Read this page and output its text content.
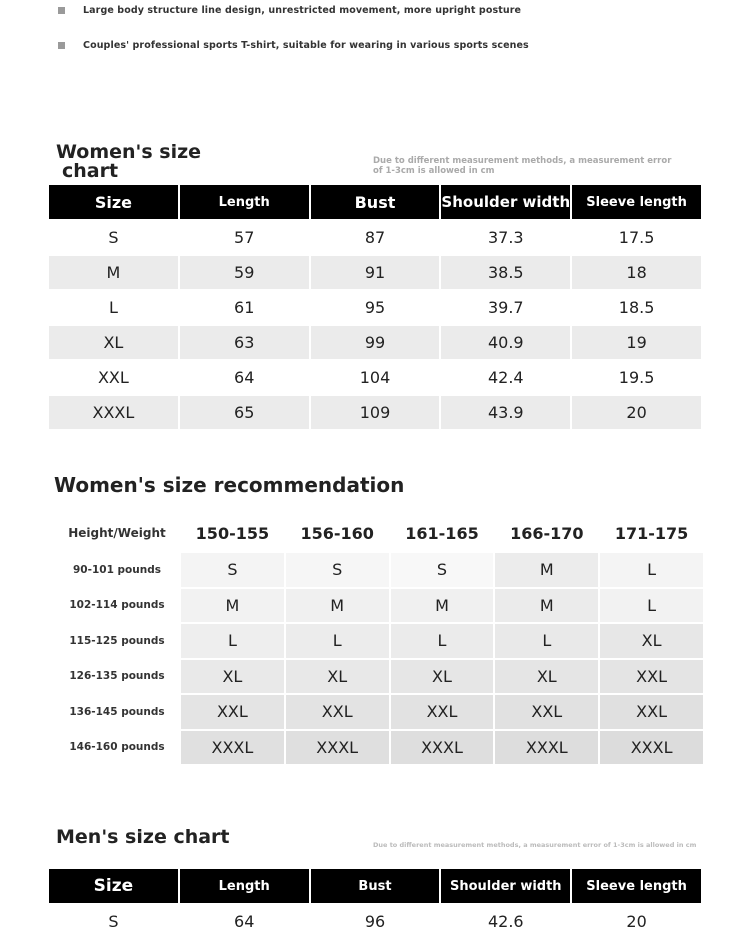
Large body structure line design, unrestricted movement, more upright posture
Couples' professional sports T-shirt, suitable for wearing in various sports scenes
Women's size
chart	Due to different measurement methods, a measurement error of 1-3cm is allowed in cm
Size	Length	Bust	Shoulder width	Sleeve length
S	57	87	37.3	17.5
M	59	91	38.5	18
L	61	95	39.7	18.5
XL	63	99	40.9	19
XXL	64	104	42.4	19.5
XXXL	65	109	43.9	20
Women's size recommendation
Height/Weight	150-155	156-160	161-165	166-170	171-175
90-101 pounds	S	S	S	M	L
102-114 pounds	M	M	M	M	L
115-125 pounds	L	L	L	L	XL
126-135 pounds	XL	XL	XL	XL	XXL
136-145 pounds	XXL	XXL	XXL	XXL	XXL
146-160 pounds	XXXL	XXXL	XXXL	XXXL	XXXL
Men's size chart	Due to different measurement methods, a measurement error of 1-3cm is allowed in cm
Size	Length	Bust	Shoulder width	Sleeve length
S	64	96	42.6	20
